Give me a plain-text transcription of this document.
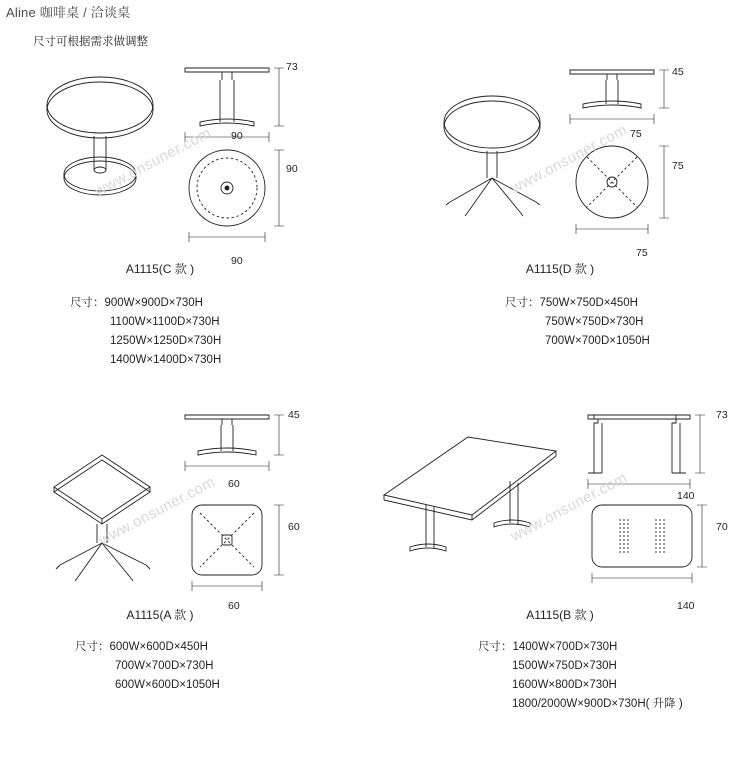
Aline 咖啡桌 / 洽谈桌
尺寸可根据需求做调整
73
90
90
90
45
75
75
75
A1115(C 款 )
尺寸：900W×900D×730H
1100W×1100D×730H
1250W×1250D×730H
1400W×1400D×730H
A1115(D 款 )
尺寸：750W×750D×450H
750W×750D×730H
700W×700D×1050H
45
60
60
60
73
140
70
140
A1115(A 款 )
尺寸：600W×600D×450H
700W×700D×730H
600W×600D×1050H
A1115(B 款 )
尺寸：1400W×700D×730H
1500W×750D×730H
1600W×800D×730H
1800/2000W×900D×730H( 升降 )
www.onsuner.com	www.onsuner.com
www.onsuner.com	www.onsuner.com
